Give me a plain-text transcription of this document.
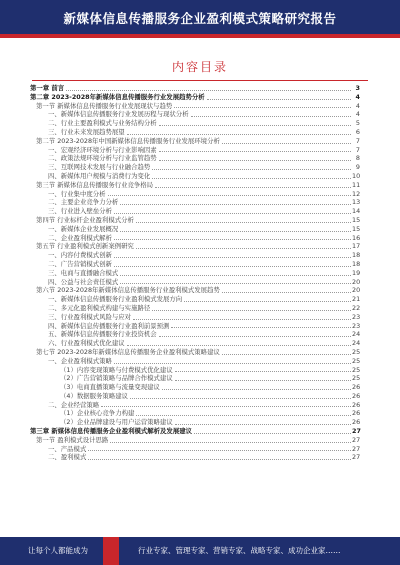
新媒体信息传播服务企业盈利模式策略研究报告
内容目录
第一章 前言	3
第二章 2023-2028年新媒体信息传播服务行业发展趋势分析	4
第一节 新媒体信息传播服务行业发展现状与趋势	4
一、新媒体信息传播服务行业发展历程与现状分析	4
二、行业主要盈利模式与业务结构分析	5
三、行业未来发展趋势展望	6
第二节 2023-2028年中国新媒体信息传播服务行业发展环境分析	7
一、宏观经济环境分析与行业影响因素	7
二、政策法规环境分析与行业监管趋势	8
三、互联网技术发展与行业融合趋势	9
四、新媒体用户规模与消费行为变化	10
第三节 新媒体信息传播服务行业竞争格局	11
一、行业集中度分析	12
二、主要企业竞争力分析	13
三、行业进入壁垒分析	14
第四节 行业标杆企业盈利模式分析	15
一、新媒体企业发展概况	15
二、企业盈利模式解析	16
第五节 行业盈利模式创新案例研究	17
一、内容付费模式创新	18
二、广告营销模式创新	18
三、电商与直播融合模式	19
四、公益与社会责任模式	20
第六节 2023-2028年新媒体信息传播服务行业盈利模式发展趋势	20
一、新媒体信息传播服务行业盈利模式发展方向	21
二、多元化盈利模式构建与实施路径	22
三、行业盈利模式风险与应对	23
四、新媒体信息传播服务行业盈利前景预测	23
五、新媒体信息传播服务行业投资机会	24
六、行业盈利模式优化建议	24
第七节 2023-2028年新媒体信息传播服务企业盈利模式策略建议	25
一、企业盈利模式策略	25
（1）内容变现策略与付费模式优化建议	25
（2）广告营销策略与品牌合作模式建议	25
（3）电商直播策略与流量变现建议	26
（4）数据服务策略建议	26
二、企业经营策略	26
（1）企业核心竞争力构建	26
（2）企业品牌建设与用户运营策略建议	26
第三章 新媒体信息传播服务企业盈利模式解析及发展建议	27
第一节 盈利模式设计思路	27
一、产品模式	27
二、盈利模式	27
让每个人都能成为	行业专家、管理专家、营销专家、战略专家、成功企业家……
